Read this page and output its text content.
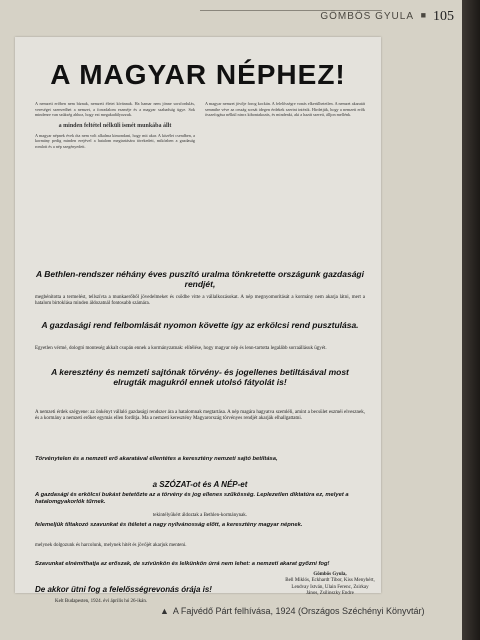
GÖMBÖS GYULA ■ 105
A MAGYAR NÉPHEZ!

A nemzeti erőben nem bíznak, nemzeti életet kívánnak. Ha hamar nem jönne sorsfordulás, vereséget szenvedhet a nemzet, a forradalom eszméje és a magyar szabadság ügye. Sok mindenre van szükség ahhoz, hogy ezt megakadályozzuk.

a minden feltétel nélküli ismét munkába állt

A magyar népnek évek óta nem volt alkalma kimondani, hogy mit akar. A közélet csendben, a kormány pedig minden erejével a hatalom megtartására törekedett, miközben a gazdaság romlott és a nép szegényedett.

A magyar nemzet jövője forog kockán. A felelősségre vonás elkerülhetetlen. A nemzet akaratát semmibe véve az ország sorsát idegen érdekek szerint intézik. Hirdetjük, hogy a nemzeti erők összefogása nélkül nincs kibontakozás, és mindenki, aki a hazát szereti, álljon mellénk.

A Bethlen-rendszer néhány éves puszító uralma tönkretette országunk gazdasági rendjét,
megbénította a termelést, tellszívta a munkaerőből jövedelmeket és csődbe vitte a vállalkozásokat. A nép megnyomorítását a kormány nem akarja látni, mert a hatalom birtoklása minden áldozatnál fontosabb számára.
A gazdasági rend felbomlását nyomon követte így az erkölcsi rend pusztulása.
Egyetlen vérmé, dologtó monteség akkalt csupán ennek a kormányzatnak: elítélése, hogy magyar nép és lenn-tartotta legalább sorraállásuk ügyét.
A keresztény és nemzeti sajtónak törvény- és jogellenes betiltásával most elrugták magukról ennek utolsó fátyolát is!
A nemzeti érdek szégyene: az önkényt vállaló gazdasági rendszer ára a hatalomnak megtartása. A nép magára hagyatva szemléli, amint a becsület eszméi elvesznek, és a kormány a nemzeti erőket egymás ellen fordítja. Ma a nemzeti keresztény Magyarország törvényes rendjét akarják elhallgattatni.
Törvénytelen és a nemzeti erő akaratával ellentétes a keresztény nemzeti sajtó betiltása,
a SZÓZAT-ot és A NÉP-et
A gazdasági és erkölcsi bukást betetőzte az a törvény és jog ellenes szűkösség. Leplezetlen diktatúra ez, melyet a hatalomgyakorlók tűrnek.
tekintélyükért áldoztak a Bethlen-kormánynak.
felemeljük tiltakozó szavunkat és ítéletet a nagy nyilvánosság előtt, a keresztény magyar népnek.
melynek dolgozunk és harcolunk, melynek hitét és jövőjét akarjuk menteni.
Szavunkat elnémíthatja az erőszak, de szívünkön és lelkünkön úrrá nem lehet: a nemzeti akarat győzni fog!
De akkor ütni fog a felelősségrevonás órája is!
Kelt Budapesten, 1924. évi április hó 26-ikán.
Gömbös Gyula,
Bell Miklós, Eckhardt Tibor, Kiss Menyhért, Lendvay István, Ulain Ferenc, Zsirkay János, Zsilinszky Endre
▲ A Fajvédő Párt felhívása, 1924 (Országos Széchényi Könyvtár)
